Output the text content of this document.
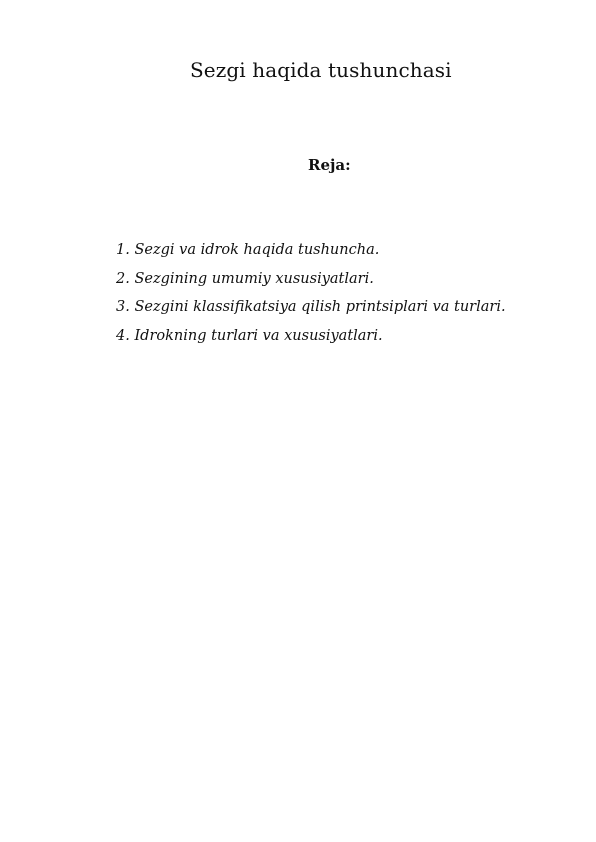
Sezgi haqida tushunchasi
Reja:
1. Sezgi va idrok haqida tushuncha.
2. Sezgining umumiy xususiyatlari.
3. Sezgini klassifikatsiya qilish printsiplari va turlari.
4. Idrokning turlari va xususiyatlari.
